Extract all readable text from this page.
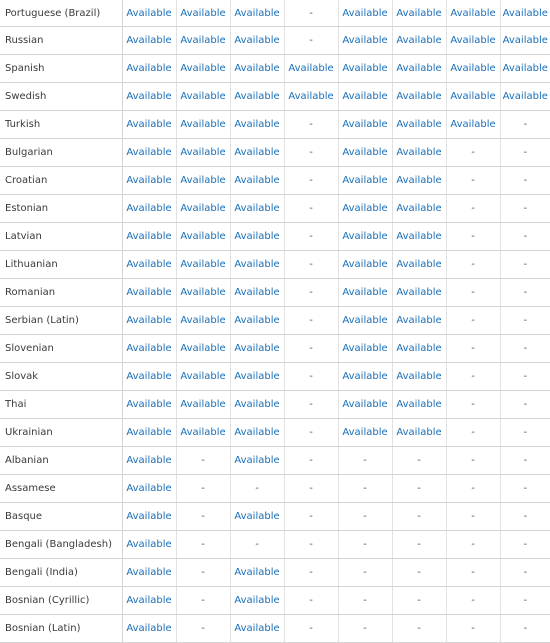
Portuguese (Brazil)	Available	Available	Available	-	Available	Available	Available	Available
Russian	Available	Available	Available	-	Available	Available	Available	Available
Spanish	Available	Available	Available	Available	Available	Available	Available	Available
Swedish	Available	Available	Available	Available	Available	Available	Available	Available
Turkish	Available	Available	Available	-	Available	Available	Available	-
Bulgarian	Available	Available	Available	-	Available	Available	-	-
Croatian	Available	Available	Available	-	Available	Available	-	-
Estonian	Available	Available	Available	-	Available	Available	-	-
Latvian	Available	Available	Available	-	Available	Available	-	-
Lithuanian	Available	Available	Available	-	Available	Available	-	-
Romanian	Available	Available	Available	-	Available	Available	-	-
Serbian (Latin)	Available	Available	Available	-	Available	Available	-	-
Slovenian	Available	Available	Available	-	Available	Available	-	-
Slovak	Available	Available	Available	-	Available	Available	-	-
Thai	Available	Available	Available	-	Available	Available	-	-
Ukrainian	Available	Available	Available	-	Available	Available	-	-
Albanian	Available	-	Available	-	-	-	-	-
Assamese	Available	-	-	-	-	-	-	-
Basque	Available	-	Available	-	-	-	-	-
Bengali (Bangladesh)	Available	-	-	-	-	-	-	-
Bengali (India)	Available	-	Available	-	-	-	-	-
Bosnian (Cyrillic)	Available	-	Available	-	-	-	-	-
Bosnian (Latin)	Available	-	Available	-	-	-	-	-
